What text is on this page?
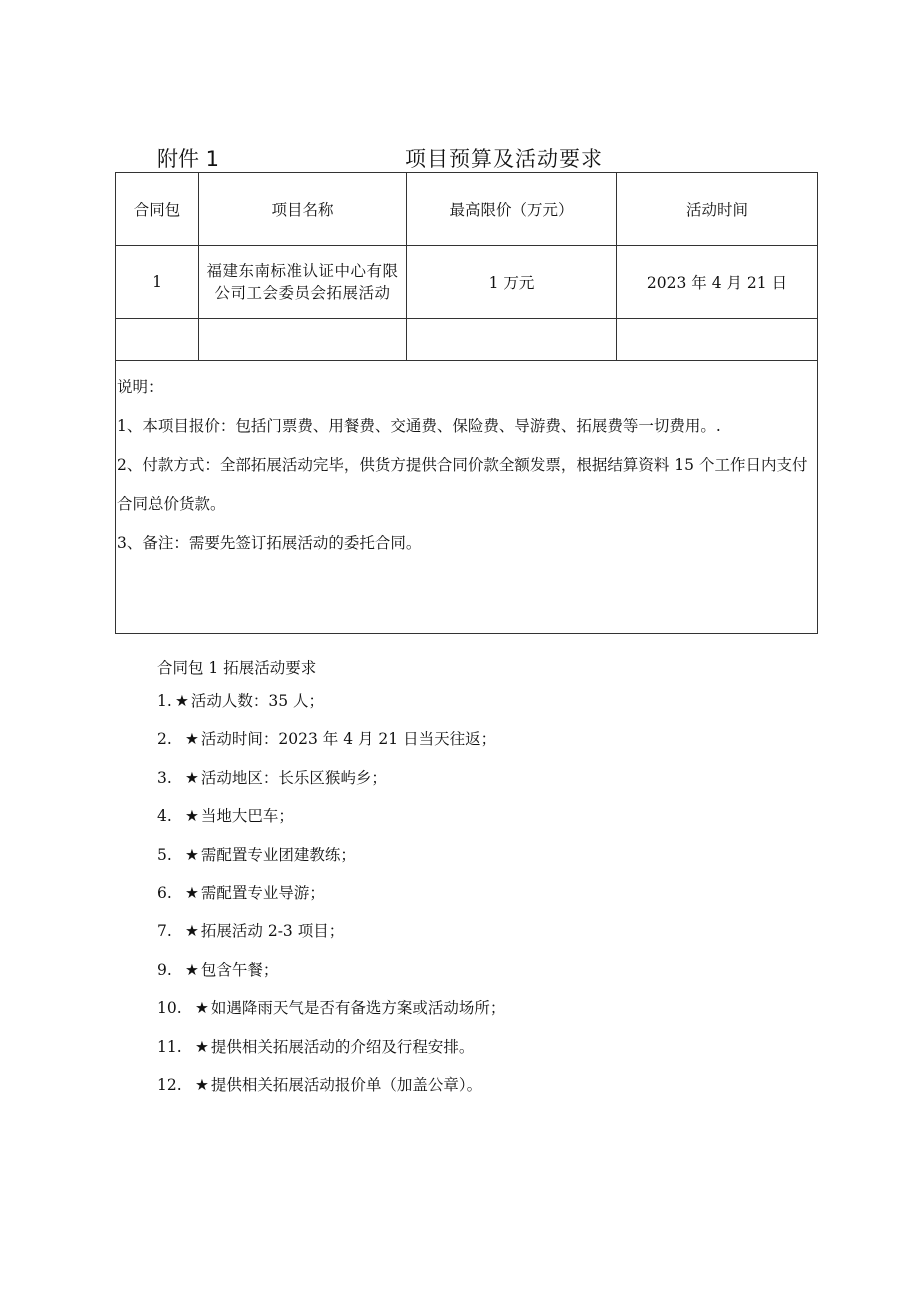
附件 1	项目预算及活动要求
合同包	项目名称	最高限价（万元）	活动时间
1	福建东南标准认证中心有限公司工会委员会拓展活动	1 万元	2023 年 4 月 21 日

说明：

1、本项目报价：包括门票费、用餐费、交通费、保险费、导游费、拓展费等一切费用。.

2、付款方式：全部拓展活动完毕，供货方提供合同价款全额发票，根据结算资料 15 个工作日内支付合同总价货款。

3、备注：需要先签订拓展活动的委托合同。			

合同包 1 拓展活动要求
1. ★ 活动人数：35 人；
2. ★ 活动时间：2023 年 4 月 21 日当天往返；
3. ★ 活动地区：长乐区猴屿乡；
4. ★ 当地大巴车；
5. ★ 需配置专业团建教练；
6. ★ 需配置专业导游；
7. ★ 拓展活动 2-3 项目；
9. ★ 包含午餐；
10. ★ 如遇降雨天气是否有备选方案或活动场所；
11. ★ 提供相关拓展活动的介绍及行程安排。
12. ★ 提供相关拓展活动报价单（加盖公章）。
